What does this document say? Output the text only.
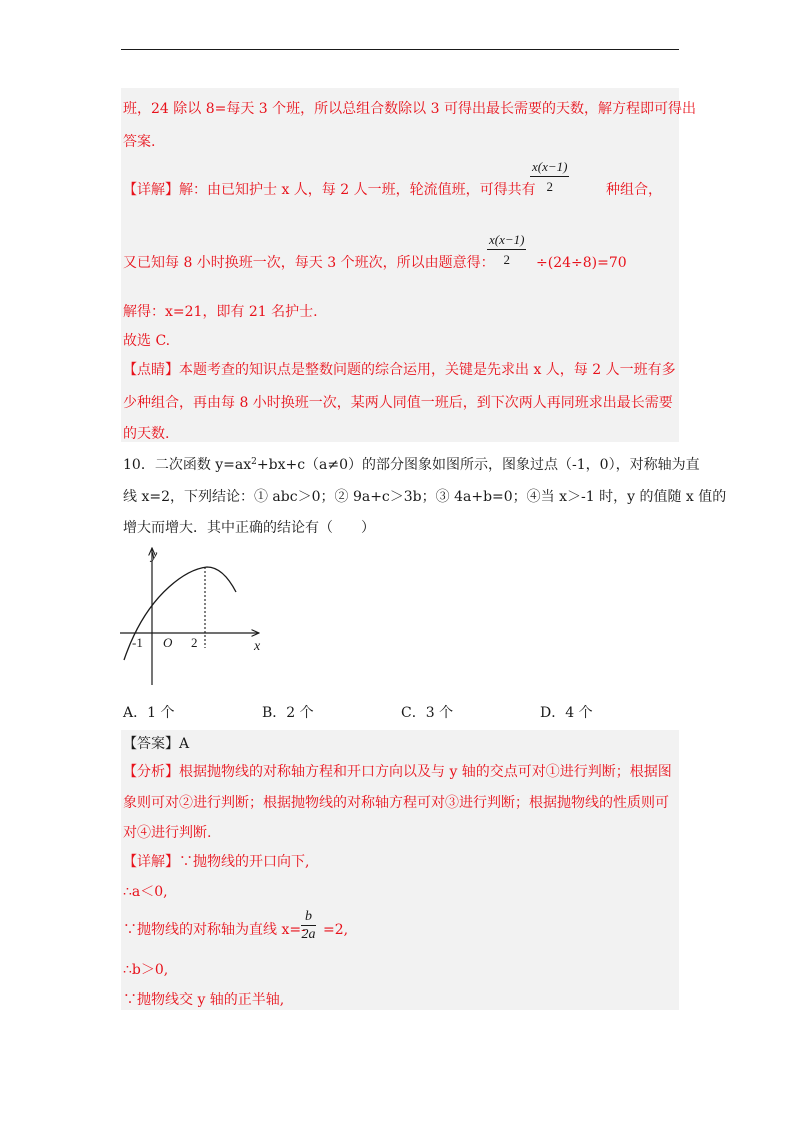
班，24 除以 8=每天 3 个班，所以总组合数除以 3 可得出最长需要的天数，解方程即可得出
答案.
【详解】解：由已知护士 x 人，每 2 人一班，轮流值班，可得共有
$\frac{x(x-1)}{2}$	种组合，
又已知每 8 小时换班一次，每天 3 个班次，所以由题意得：
$\frac{x(x-1)}{2} \div(24\div 8)=70$
解得：x=21，即有 21 名护士.
故选 C.
【点睛】本题考查的知识点是整数问题的综合运用，关键是先求出 x 人，每 2 人一班有多
少种组合，再由每 8 小时换班一次，某两人同值一班后，到下次两人再同班求出最长需要
的天数.
10．二次函数 $y=ax^2+bx+c(a\ne 0)$的部分图象如图所示，图象过点（-1，0），对称轴为直
线 x=2，下列结论：① abc＞0；② 9a+c＞3b；③ 4a+b=0；④当 x＞-1 时，y 的值随 x 值的
增大而增大．其中正确的结论有（　　）
y
x
-1 O 2
A．1 个	B．2 个	C．3 个	D．4 个
【答案】A
【分析】根据抛物线的对称轴方程和开口方向以及与 y 轴的交点可对①进行判断；根据图
象则可对②进行判断；根据抛物线的对称轴方程可对③进行判断；根据抛物线的性质则可
对④进行判断.
【详解】∵抛物线的开口向下,
∴a＜0,
∵抛物线的对称轴为直线 x=-
$\frac{b}{2a} =2$,
∴b＞0,
∵抛物线交 y 轴的正半轴,
